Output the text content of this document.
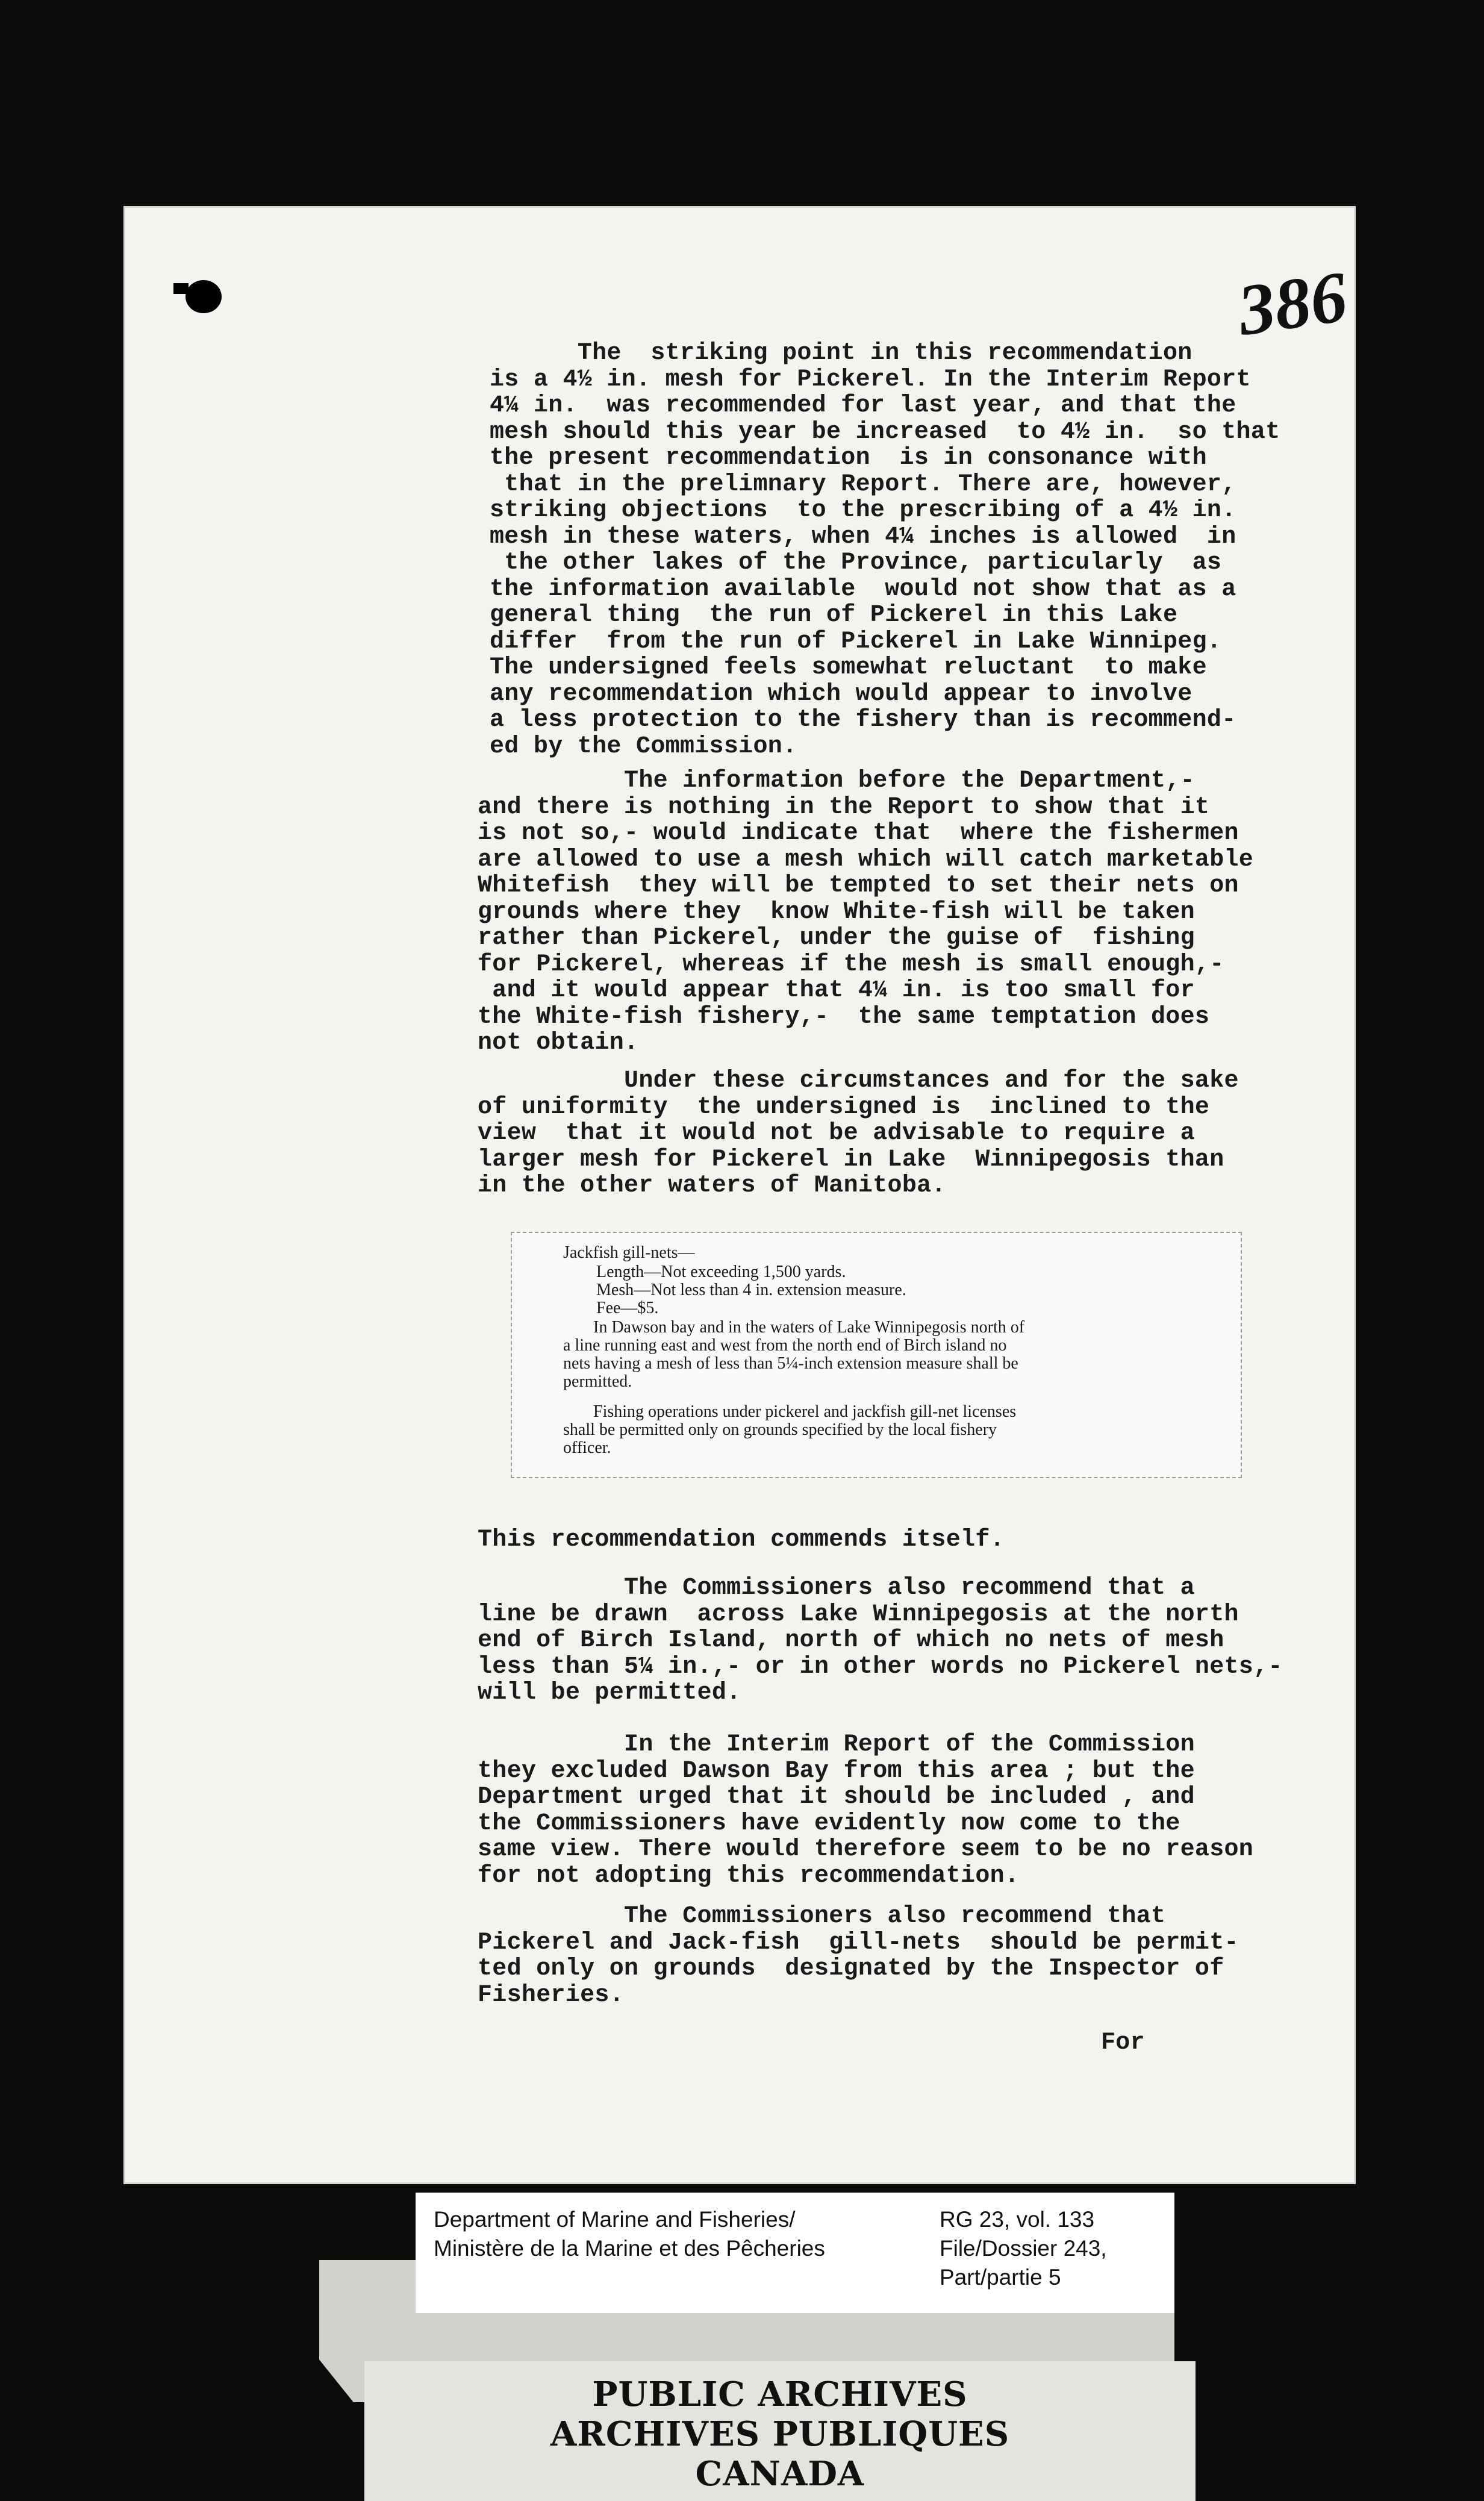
386
The  striking point in this recommendation
is a 4½ in. mesh for Pickerel. In the Interim Report
4¼ in.  was recommended for last year, and that the
mesh should this year be increased  to 4½ in.  so that
the present recommendation  is in consonance with
that in the prelimnary Report. There are, however,
striking objections  to the prescribing of a 4½ in.
mesh in these waters, when 4¼ inches is allowed  in
the other lakes of the Province, particularly  as
the information available  would not show that as a
general thing  the run of Pickerel in this Lake
differ  from the run of Pickerel in Lake Winnipeg.
The undersigned feels somewhat reluctant  to make
any recommendation which would appear to involve
a less protection to the fishery than is recommend-
ed by the Commission.
The information before the Department,-
and there is nothing in the Report to show that it
is not so,- would indicate that  where the fishermen
are allowed to use a mesh which will catch marketable
Whitefish  they will be tempted to set their nets on
grounds where they  know White-fish will be taken
rather than Pickerel, under the guise of  fishing
for Pickerel, whereas if the mesh is small enough,-
and it would appear that 4¼ in. is too small for
the White-fish fishery,-  the same temptation does
not obtain.
Under these circumstances and for the sake
of uniformity  the undersigned is  inclined to the
view  that it would not be advisable to require a
larger mesh for Pickerel in Lake  Winnipegosis than
in the other waters of Manitoba.
Jackfish gill-nets—
Length—Not exceeding 1,500 yards.
Mesh—Not less than 4 in. extension measure.
Fee—$5.
In Dawson bay and in the waters of Lake Winnipegosis north of
a line running east and west from the north end of Birch island no
nets having a mesh of less than 5¼-inch extension measure shall be
permitted.
Fishing operations under pickerel and jackfish gill-net licenses
shall be permitted only on grounds specified by the local fishery
officer.
This recommendation commends itself.
The Commissioners also recommend that a
line be drawn  across Lake Winnipegosis at the north
end of Birch Island, north of which no nets of mesh
less than 5¼ in.,- or in other words no Pickerel nets,-
will be permitted.
In the Interim Report of the Commission
they excluded Dawson Bay from this area ; but the
Department urged that it should be included , and
the Commissioners have evidently now come to the
same view. There would therefore seem to be no reason
for not adopting this recommendation.
The Commissioners also recommend that
Pickerel and Jack-fish  gill-nets  should be permit-
ted only on grounds  designated by the Inspector of
Fisheries.
For
Department of Marine and Fisheries/
Ministère de la Marine et des Pêcheries
RG 23, vol. 133
File/Dossier 243,
Part/partie 5
PUBLIC ARCHIVES
ARCHIVES PUBLIQUES
CANADA
